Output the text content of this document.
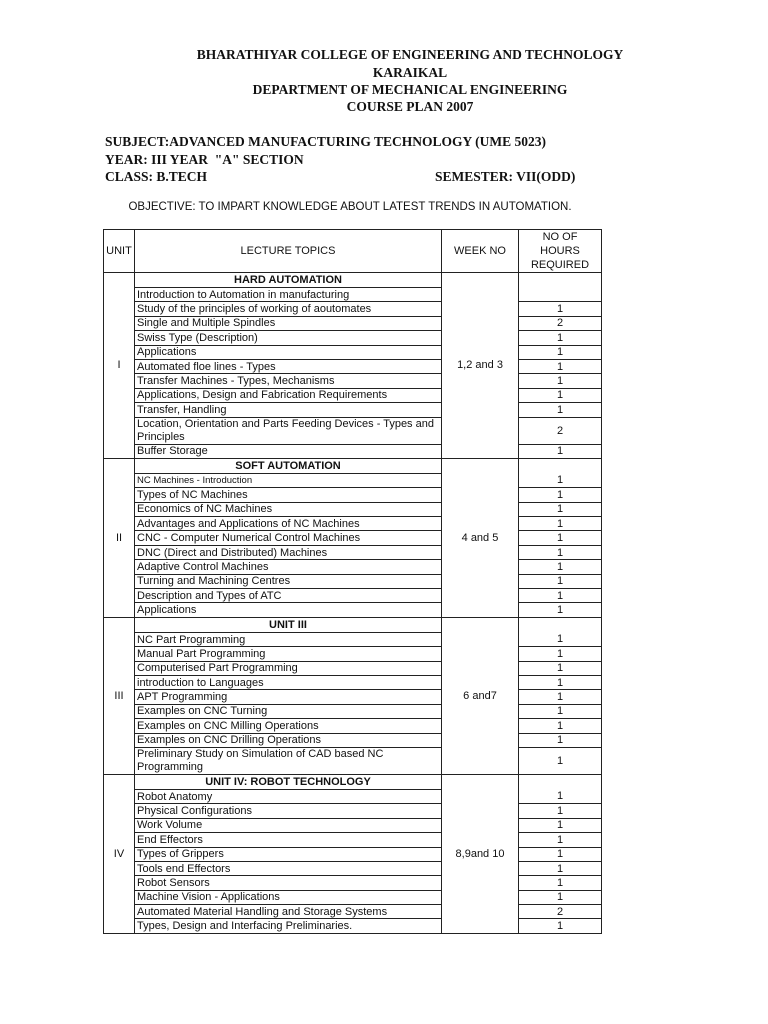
BHARATHIYAR COLLEGE OF ENGINEERING AND TECHNOLOGY
KARAIKAL
DEPARTMENT OF MECHANICAL ENGINEERING
COURSE PLAN 2007
SUBJECT:ADVANCED MANUFACTURING TECHNOLOGY (UME 5023)
YEAR: III YEAR  "A" SECTION
CLASS: B.TECH	SEMESTER: VII(ODD)
OBJECTIVE: TO IMPART KNOWLEDGE ABOUT LATEST TRENDS IN AUTOMATION.
UNIT	LECTURE TOPICS	WEEK NO	NO OF
HOURS
REQUIRED

I	HARD AUTOMATION	1,2 and 3	
	Introduction to Automation in manufacturing		
	Study of the principles of working of aoutomates		1
	Single and Multiple Spindles		2
	Swiss Type (Description)		1
	Applications		1
	Automated floe lines - Types		1
	Transfer Machines - Types, Mechanisms		1
	Applications, Design and Fabrication Requirements		1
	Transfer, Handling		1
	Location, Orientation and Parts Feeding Devices - Types and Principles		2
	Buffer Storage		1
II	SOFT AUTOMATION	4 and 5	
	NC Machines - Introduction		1
	Types of NC Machines		1
	Economics of NC Machines		1
	Advantages and Applications of NC Machines		1
	CNC - Computer Numerical Control Machines		1
	DNC (Direct and Distributed) Machines		1
	Adaptive Control Machines		1
	Turning and Machining Centres		1
	Description and Types of ATC		1
	Applications		1
III	UNIT III	6 and7	
	NC Part Programming		1
	Manual Part Programming		1
	Computerised Part Programming		1
	introduction to Languages		1
	APT Programming		1
	Examples on CNC Turning		1
	Examples on CNC Milling Operations		1
	Examples on CNC Drilling Operations		1
	Preliminary Study on Simulation of CAD based NC Programming		1
IV	UNIT IV: ROBOT TECHNOLOGY	8,9and 10	
	Robot Anatomy		1
	Physical Configurations		1
	Work Volume		1
	End Effectors		1
	Types of Grippers		1
	Tools end Effectors		1
	Robot Sensors		1
	Machine Vision - Applications		1
	Automated Material Handling and Storage Systems		2
	Types, Design and Interfacing Preliminaries.		1
